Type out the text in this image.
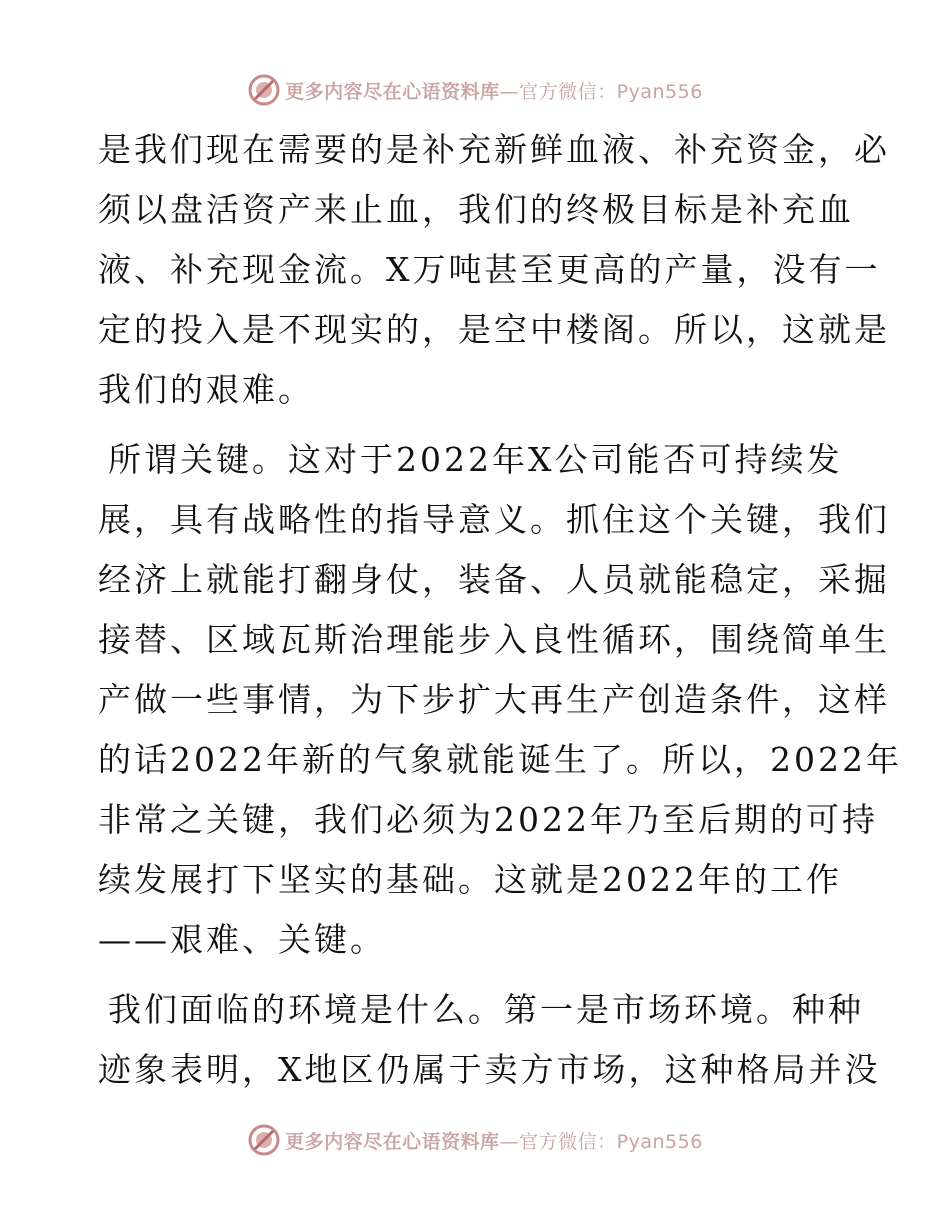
更多内容尽在心语资料库—官方微信：Pyan556
是我们现在需要的是补充新鲜血液、补充资金，必
须以盘活资产来止血，我们的终极目标是补充血
液、补充现金流。X万吨甚至更高的产量，没有一
定的投入是不现实的，是空中楼阁。所以，这就是
我们的艰难。
所谓关键。这对于2022年X公司能否可持续发
展，具有战略性的指导意义。抓住这个关键，我们
经济上就能打翻身仗，装备、人员就能稳定，采掘
接替、区域瓦斯治理能步入良性循环，围绕简单生
产做一些事情，为下步扩大再生产创造条件，这样
的话2022年新的气象就能诞生了。所以，2022年
非常之关键，我们必须为2022年乃至后期的可持
续发展打下坚实的基础。这就是2022年的工作
——艰难、关键。
我们面临的环境是什么。第一是市场环境。种种
迹象表明，X地区仍属于卖方市场，这种格局并没
更多内容尽在心语资料库—官方微信：Pyan556
